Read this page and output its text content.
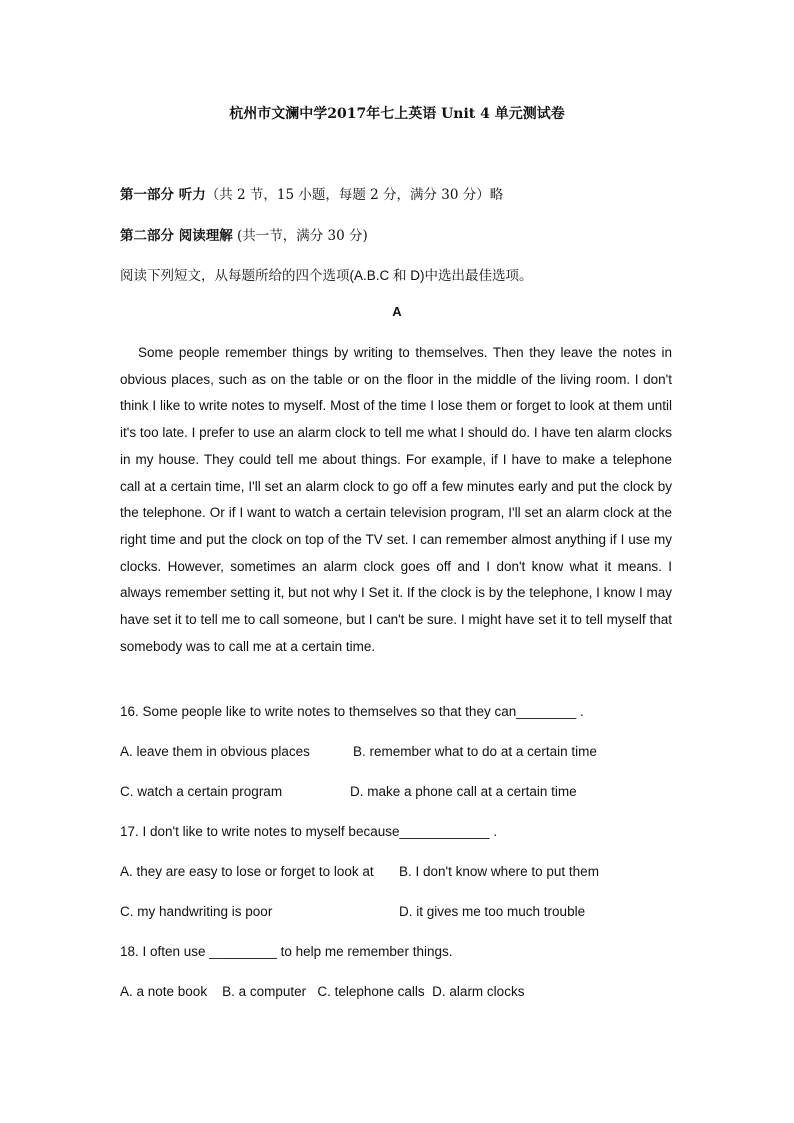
杭州市文澜中学2017年七上英语 Unit 4 单元测试卷
第一部分 听力（共 2 节，15 小题，每题 2 分，满分 30 分）略
第二部分 阅读理解 (共一节，满分 30 分)
阅读下列短文，从每题所给的四个选项(A.B.C 和 D)中选出最佳选项。
A

Some people remember things by writing to themselves. Then they leave the notes in obvious places, such as on the table or on the floor in the middle of the living room. I don't think I like to write notes to myself. Most of the time I lose them or forget to look at them until it's too late. I prefer to use an alarm clock to tell me what I should do. I have ten alarm clocks in my house. They could tell me about things. For example, if I have to make a telephone call at a certain time, I'll set an alarm clock to go off a few minutes early and put the clock by the telephone. Or if I want to watch a certain television program, I'll set an alarm clock at the right time and put the clock on top of the TV set. I can remember almost anything if I use my clocks. However, sometimes an alarm clock goes off and I don't know what it means. I always remember setting it, but not why I Set it. If the clock is by the telephone, I know I may have set it to tell me to call someone, but I can't be sure. I might have set it to tell myself that somebody was to call me at a certain time.

16. Some people like to write notes to themselves so that they can________ .
A. leave them in obvious places	B. remember what to do at a certain time
C. watch a certain program	D. make a phone call at a certain time
17. I don't like to write notes to myself because____________ .
A. they are easy to lose or forget to look at B. I don't know where to put them
C. my handwriting is poor	D. it gives me too much trouble
18. I often use _________ to help me remember things.
A. a note book    B. a computer   C. telephone calls  D. alarm clocks
